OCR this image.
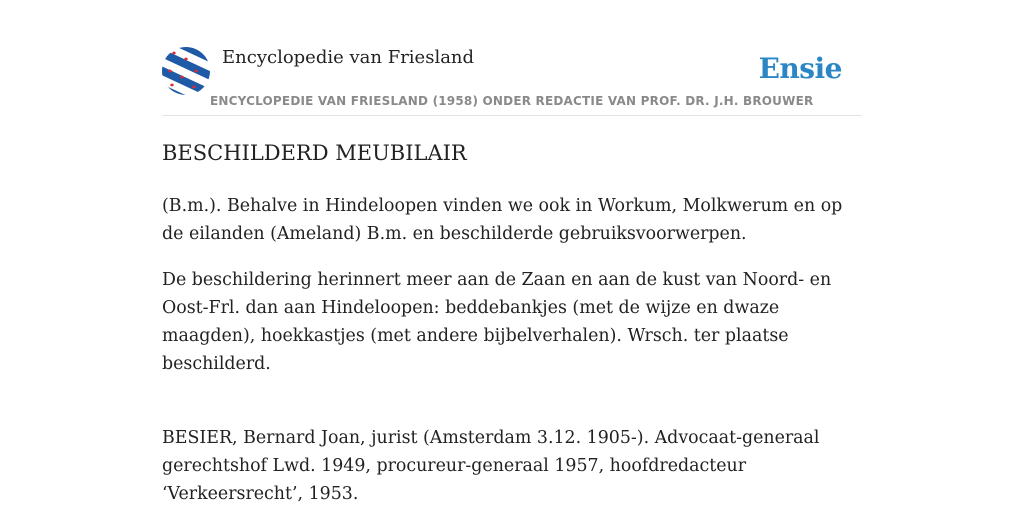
Encyclopedie van Friesland	Ensie
ENCYCLOPEDIE VAN FRIESLAND (1958) ONDER REDACTIE VAN PROF. DR. J.H. BROUWER
BESCHILDERD MEUBILAIR

(B.m.). Behalve in Hindeloopen vinden we ook in Workum, Molkwerum en op de eilanden (Ameland) B.m. en beschilderde gebruiksvoorwerpen.

De beschildering herinnert meer aan de Zaan en aan de kust van Noord- en Oost-Frl. dan aan Hindeloopen: beddebankjes (met de wijze en dwaze maagden), hoekkastjes (met andere bijbelverhalen). Wrsch. ter plaatse beschilderd.

BESIER, Bernard Joan, jurist (Amsterdam 3.12. 1905-). Advocaat-generaal gerechtshof Lwd. 1949, procureur-generaal 1957, hoofdredacteur ‘Verkeersrecht’, 1953.
